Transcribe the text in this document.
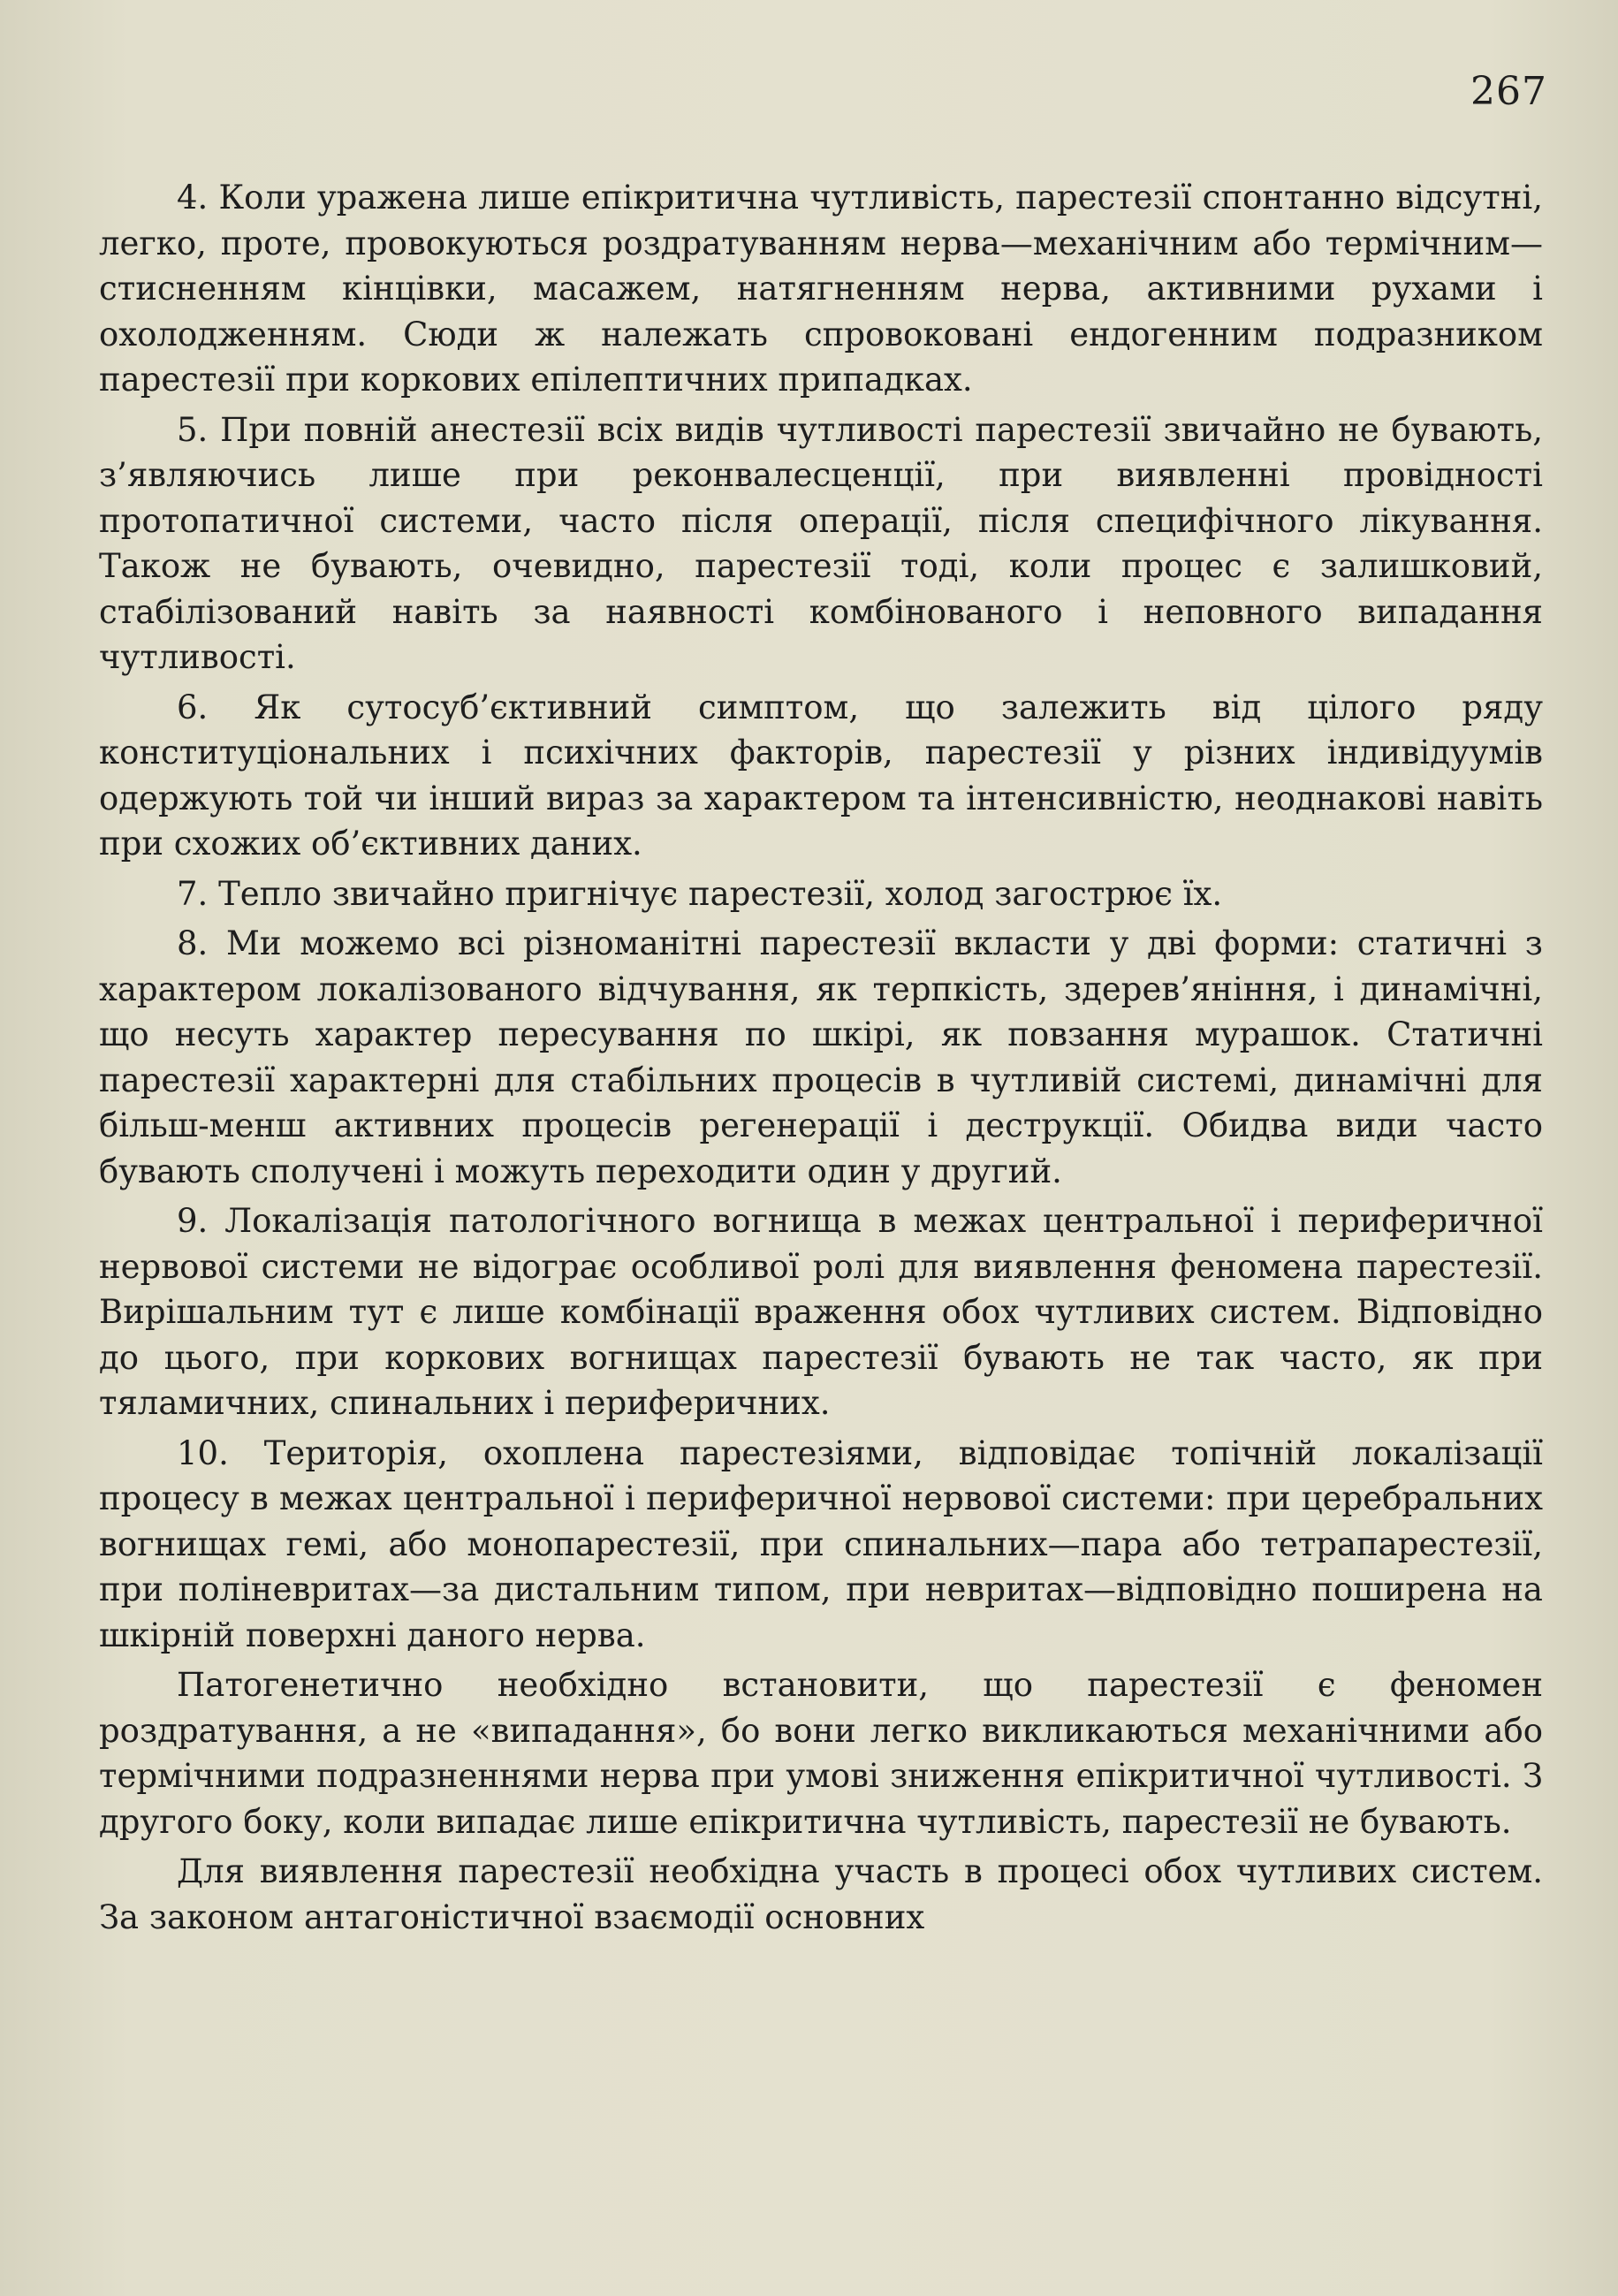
267

4. Коли уражена лише епікритична чутливість, парестезії спонтанно відсутні, легко, проте, провокуються роздратуванням нерва—механічним або термічним—стисненням кінцівки, масажем, натягненням нерва, активними рухами і охолодженням. Сюди ж належать спровоковані ендогенним подразником парестезії при коркових епілептичних припадках.

5. При повній анестезії всіх видів чутливості парестезії звичайно не бувають, з’являючись лише при реконвалесценції, при виявленні провідності протопатичної системи, часто після операції, після специфічного лікування. Також не бувають, очевидно, парестезії тоді, коли процес є залишковий, стабілізований навіть за наявності комбінованого і неповного випадання чутливості.

6. Як сутосуб’єктивний симптом, що залежить від цілого ряду конституціональних і психічних факторів, парестезії у різних індивідуумів одержують той чи інший вираз за характером та інтенсивністю, неоднакові навіть при схожих об’єктивних даних.

7. Тепло звичайно пригнічує парестезії, холод загострює їх.

8. Ми можемо всі різноманітні парестезії вкласти у дві форми: статичні з характером локалізованого відчування, як терпкість, здерев’яніння, і динамічні, що несуть характер пересування по шкірі, як повзання мурашок. Статичні парестезії характерні для стабільних процесів в чутливій системі, динамічні для більш-менш активних процесів регенерації і деструкції. Обидва види часто бувають сполучені і можуть переходити один у другий.

9. Локалізація патологічного вогнища в межах центральної і периферичної нервової системи не відограє особливої ролі для виявлення феномена парестезії. Вирішальним тут є лише комбінації враження обох чутливих систем. Відповідно до цього, при коркових вогнищах парестезії бувають не так часто, як при тяламичних, спинальних і периферичних.

10. Територія, охоплена парестезіями, відповідає топічній локалізації процесу в межах центральної і периферичної нервової системи: при церебральних вогнищах гемі, або монопарестезії, при спинальних—пара або тетрапарестезії, при поліневритах—за дистальним типом, при невритах—відповідно поширена на шкірній поверхні даного нерва.

Патогенетично необхідно встановити, що парестезії є феномен роздратування, а не «випадання», бо вони легко викликаються механічними або термічними подразненнями нерва при умові зниження епікритичної чутливості. З другого боку, коли випадає лише епікритична чутливість, парестезії не бувають.

Для виявлення парестезії необхідна участь в процесі обох чутливих систем. За законом антагоністичної взаємодії основних
